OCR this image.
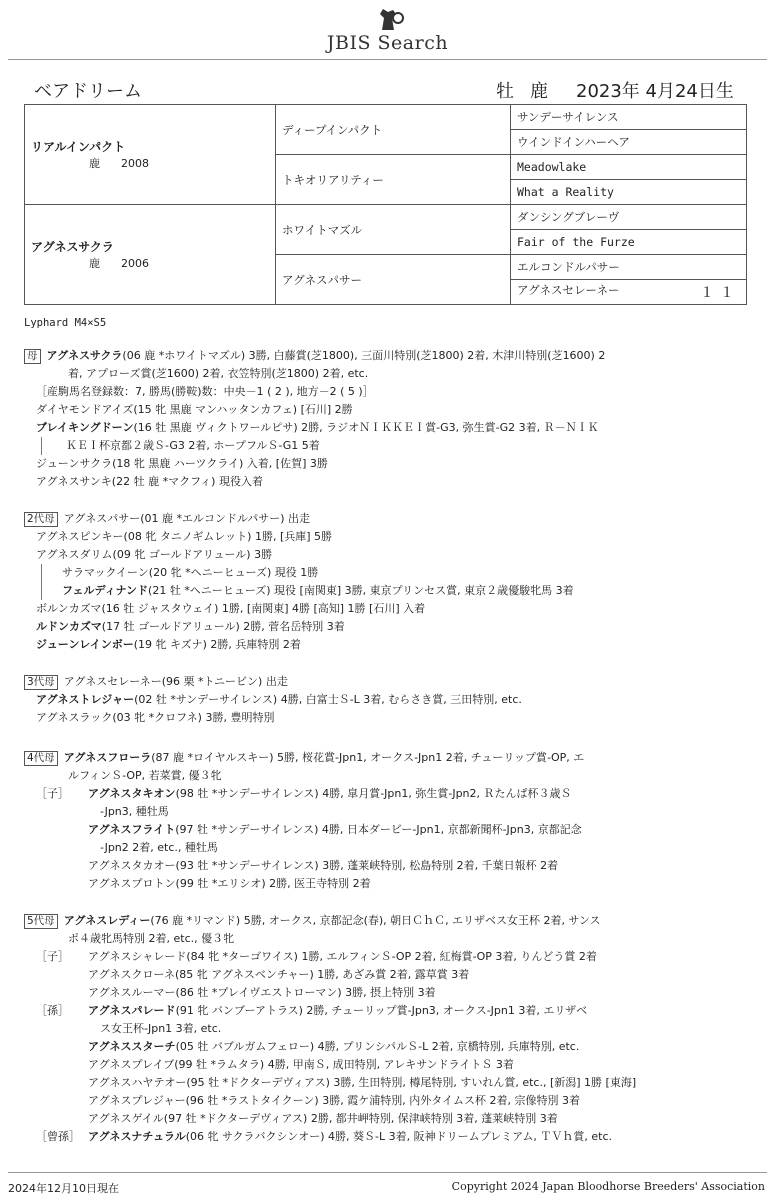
JBIS Search
ベアドリーム	牡 鹿 2023年 4月24日生
リアルインパクト
鹿 2008	ディープインパクト	サンデーサイレンス
		ウインドインハーヘア
	トキオリアリティー	Meadowlake
		What a Reality

アグネスサクラ
鹿 2006	ホワイトマズル	ダンシングブレーヴ
		Fair of the Furze
	アグネスパサー	エルコンドルパサー
		アグネスセレーネー １１
Lyphard M4×S5
母 アグネスサクラ(06 鹿 *ホワイトマズル) 3勝, 白藤賞(芝1800), 三面川特別(芝1800) 2着, 木津川特別(芝1600) 2
着, アプローズ賞(芝1600) 2着, 衣笠特別(芝1800) 2着, etc.
［産駒馬名登録数：7, 勝馬(勝鞍)数：中央－1 ( 2 ), 地方－2 ( 5 )］
ダイヤモンドアイズ(15 牝 黒鹿 マンハッタンカフェ) [石川] 2勝
ブレイキングドーン(16 牡 黒鹿 ヴィクトワールピサ) 2勝, ラジオＮＩＫＫＥＩ賞-G3, 弥生賞-G2 3着, Ｒ－ＮＩＫ
ＫＥＩ杯京都２歳Ｓ-G3 2着, ホープフルＳ-G1 5着
ジューンサクラ(18 牝 黒鹿 ハーツクライ) 入着, [佐賀] 3勝
アグネスサンキ(22 牡 鹿 *マクフィ) 現役入着
2代母 アグネスパサー(01 鹿 *エルコンドルパサー) 出走
アグネスピンキー(08 牝 タニノギムレット) 1勝, [兵庫] 5勝
アグネスダリム(09 牝 ゴールドアリュール) 3勝
サラマックイーン(20 牝 *ヘニーヒューズ) 現役 1勝
フェルディナンド(21 牡 *ヘニーヒューズ) 現役 [南関東] 3勝, 東京プリンセス賞, 東京２歳優駿牝馬 3着
ボルンカズマ(16 牡 ジャスタウェイ) 1勝, [南関東] 4勝 [高知] 1勝 [石川] 入着
ルドンカズマ(17 牡 ゴールドアリュール) 2勝, 菅名岳特別 3着
ジューンレインボー(19 牝 キズナ) 2勝, 兵庫特別 2着
3代母 アグネスセレーネー(96 栗 *トニービン) 出走
アグネストレジャー(02 牡 *サンデーサイレンス) 4勝, 白富士Ｓ-L 3着, むらさき賞, 三田特別, etc.
アグネスラック(03 牝 *クロフネ) 3勝, 豊明特別
4代母 アグネスフローラ(87 鹿 *ロイヤルスキー) 5勝, 桜花賞-Jpn1, オークス-Jpn1 2着, チューリップ賞-OP, エ
ルフィンＳ-OP, 若菜賞, 優３牝
［子］ アグネスタキオン(98 牡 *サンデーサイレンス) 4勝, 皐月賞-Jpn1, 弥生賞-Jpn2, Ｒたんぱ杯３歳Ｓ
-Jpn3, 種牡馬
アグネスフライト(97 牡 *サンデーサイレンス) 4勝, 日本ダービー-Jpn1, 京都新聞杯-Jpn3, 京都記念
-Jpn2 2着, etc., 種牡馬
アグネスタカオー(93 牡 *サンデーサイレンス) 3勝, 蓬莱峡特別, 松島特別 2着, 千葉日報杯 2着
アグネスプロトン(99 牡 *エリシオ) 2勝, 医王寺特別 2着
5代母 アグネスレディー(76 鹿 *リマンド) 5勝, オークス, 京都記念(春), 朝日ＣｈＣ, エリザベス女王杯 2着, サンス
ポ４歳牝馬特別 2着, etc., 優３牝
［子］ アグネスシャレード(84 牝 *ターゴワイス) 1勝, エルフィンＳ-OP 2着, 紅梅賞-OP 3着, りんどう賞 2着
アグネスクローネ(85 牝 アグネスベンチャー) 1勝, あざみ賞 2着, 露草賞 3着
アグネスルーマー(86 牡 *プレイヴエストローマン) 3勝, 摂上特別 3着
［孫］ アグネスパレード(91 牝 バンブーアトラス) 2勝, チューリップ賞-Jpn3, オークス-Jpn1 3着, エリザベ
ス女王杯-Jpn1 3着, etc.
アグネススターチ(05 牡 バブルガムフェロー) 4勝, プリンシパルＳ-L 2着, 京橋特別, 兵庫特別, etc.
アグネスプレイブ(99 牡 *ラムタラ) 4勝, 甲南Ｓ, 成田特別, アレキサンドライトＳ 3着
アグネスハヤテオー(95 牡 *ドクターデヴィアス) 3勝, 生田特別, 樽尾特別, すいれん賞, etc., [新潟] 1勝 [東海]
アグネスプレジャー(96 牡 *ラストタイクーン) 3勝, 霞ケ浦特別, 内外タイムス杯 2着, 宗像特別 3着
アグネスゲイル(97 牡 *ドクターデヴィアス) 2勝, 都井岬特別, 保津峡特別 3着, 蓬莱峡特別 3着
［曾孫］ アグネスナチュラル(06 牝 サクラバクシンオー) 4勝, 葵Ｓ-L 3着, 阪神ドリームプレミアム, ＴＶｈ賞, etc.
2024年12月10日現在	Copyright 2024 Japan Bloodhorse Breeders' Association
